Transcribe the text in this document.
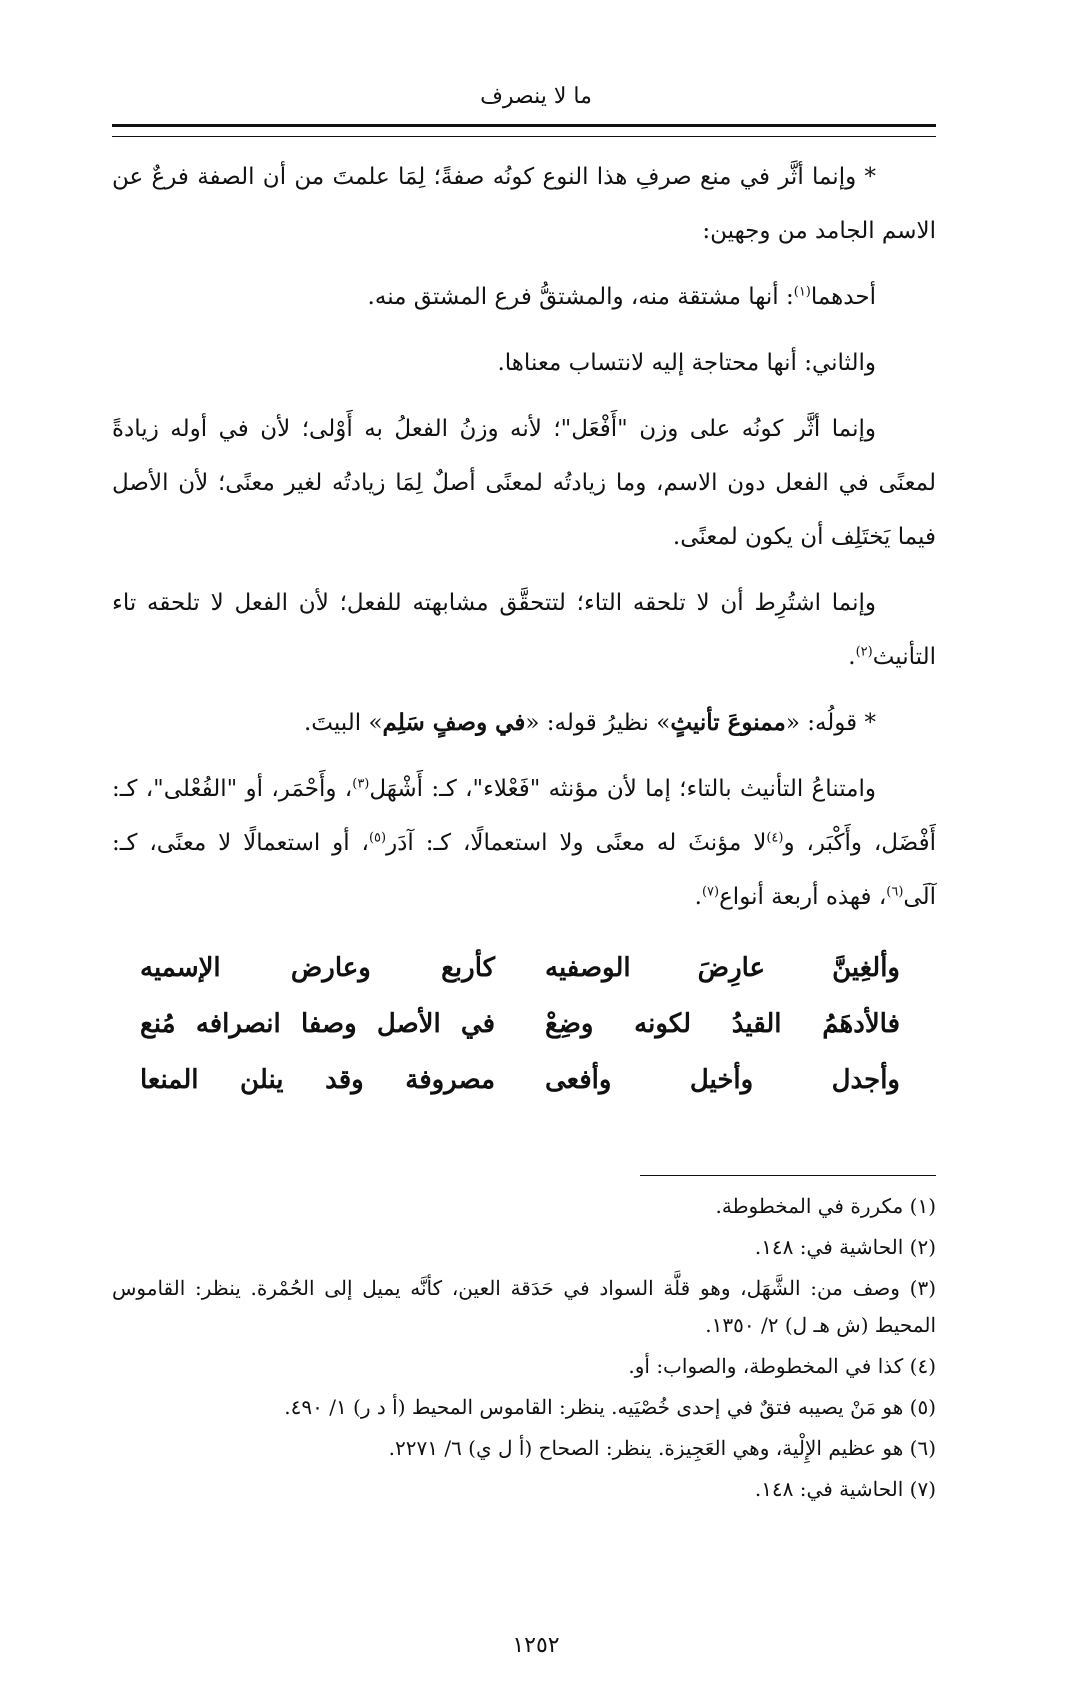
ما لا ينصرف

* وإنما أثَّر في منع صرفِ هذا النوع كونُه صفةً؛ لِمَا علمتَ من أن الصفة فرعٌ عن الاسم الجامد من وجهين:

أحدهما$^{(١)}$: أنها مشتقة منه، والمشتقُّ فرع المشتق منه.

والثاني: أنها محتاجة إليه لانتساب معناها.

وإنما أثَّر كونُه على وزن "أَفْعَل"؛ لأنه وزنُ الفعلُ به أَوْلى؛ لأن في أوله زيادةً لمعنًى في الفعل دون الاسم، وما زيادتُه لمعنًى أصلٌ لِمَا زيادتُه لغير معنًى؛ لأن الأصل فيما يَختَلِف أن يكون لمعنًى.

وإنما اشتُرِط أن لا تلحقه التاء؛ لتتحقَّق مشابهته للفعل؛ لأن الفعل لا تلحقه تاء التأنيث$^{(٢)}$.

* قولُه: «ممنوعَ تأنيثٍ» نظيرُ قوله: «في وصفٍ سَلِم» البيتَ.

وامتناعُ التأنيث بالتاء؛ إما لأن مؤنثه "فَعْلاء"، كـ: أَشْهَل$^{(٣)}$، وأَحْمَر، أو "الفُعْلى"، كـ: أَفْضَل، وأَكْبَر، و$^{(٤)}$لا مؤنثَ له معنًى ولا استعمالًا، كـ: آدَر$^{(٥)}$، أو استعمالًا لا معنًى، كـ: آلَى$^{(٦)}$، فهذه أربعة أنواع$^{(٧)}$.

وألغِينَّ عارِضَ الوصفيه
كأربع وعارض الإسميه
فالأدهَمُ القيدُ لكونه وضِعْ
في الأصل وصفا انصرافه مُنع
وأجدل وأخيل وأفعى
مصروفة وقد ينلن المنعا
(١) مكررة في المخطوطة.
(٢) الحاشية في: ١٤٨.
(٣) وصف من: الشَّهَل، وهو قلَّة السواد في حَدَقة العين، كأنَّه يميل إلى الحُمْرة. ينظر: القاموس المحيط (ش هـ ل) ٢/ ١٣٥٠.
(٤) كذا في المخطوطة، والصواب: أو.
(٥) هو مَنْ يصيبه فتقٌ في إحدى خُصْيَيه. ينظر: القاموس المحيط (أ د ر) ١/ ٤٩٠.
(٦) هو عظيم الإِلْية، وهي العَجِيزة. ينظر: الصحاح (أ ل ي) ٦/ ٢٢٧١.
(٧) الحاشية في: ١٤٨.
١٢٥٢
